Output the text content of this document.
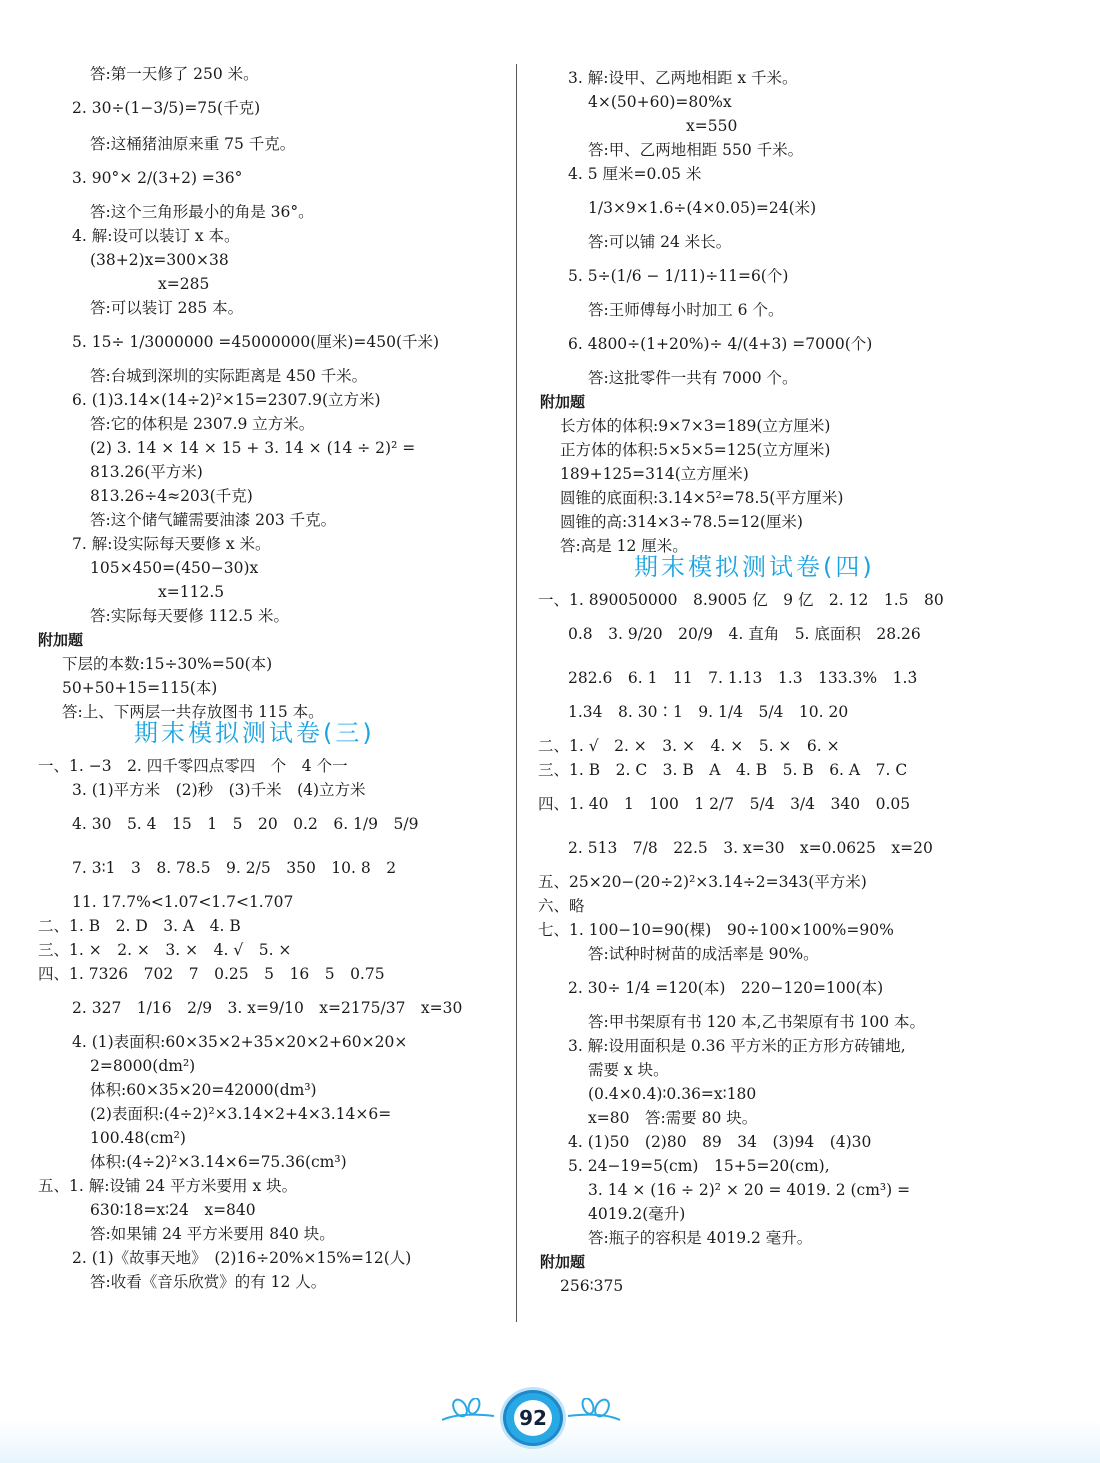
答:第一天修了 250 米。
2. 30÷(1−3/5)=75(千克)
答:这桶猪油原来重 75 千克。
3. 90°× 2/(3+2) =36°
答:这个三角形最小的角是 36°。
4. 解:设可以装订 x 本。
(38+2)x=300×38
x=285
答:可以装订 285 本。
5. 15÷ 1/3000000 =45000000(厘米)=450(千米)
答:台城到深圳的实际距离是 450 千米。
6. (1)3.14×(14÷2)²×15=2307.9(立方米)
答:它的体积是 2307.9 立方米。
(2) 3. 14 × 14 × 15 + 3. 14 × (14 ÷ 2)² =
813.26(平方米)
813.26÷4≈203(千克)
答:这个储气罐需要油漆 203 千克。
7. 解:设实际每天要修 x 米。
105×450=(450−30)x
x=112.5
答:实际每天要修 112.5 米。
附加题
下层的本数:15÷30%=50(本)
50+50+15=115(本)
答:上、下两层一共存放图书 115 本。
期末模拟测试卷(三)
一、1. −3　2. 四千零四点零四　个　4 个一
3. (1)平方米　(2)秒　(3)千米　(4)立方米
4. 30　5. 4　15　1　5　20　0.2　6. 1/9　5/9
7. 3∶1　3　8. 78.5　9. 2/5　350　10. 8　2
11. 17.7%<1.07<1.7<1.707
二、1. B　2. D　3. A　4. B
三、1. ×　2. ×　3. ×　4. √　5. ×
四、1. 7326　702　7　0.25　5　16　5　0.75
2. 327　1/16　2/9　3. x=9/10　x=2175/37　x=30
4. (1)表面积:60×35×2+35×20×2+60×20×
2=8000(dm²)
体积:60×35×20=42000(dm³)
(2)表面积:(4÷2)²×3.14×2+4×3.14×6=
100.48(cm²)
体积:(4÷2)²×3.14×6=75.36(cm³)
五、1. 解:设铺 24 平方米要用 x 块。
630∶18=x∶24　x=840
答:如果铺 24 平方米要用 840 块。
2. (1)《故事天地》　(2)16÷20%×15%=12(人)
答:收看《音乐欣赏》的有 12 人。
3. 解:设甲、乙两地相距 x 千米。
4×(50+60)=80%x
x=550
答:甲、乙两地相距 550 千米。
4. 5 厘米=0.05 米
1/3×9×1.6÷(4×0.05)=24(米)
答:可以铺 24 米长。
5. 5÷(1/6 − 1/11)÷11=6(个)
答:王师傅每小时加工 6 个。
6. 4800÷(1+20%)÷ 4/(4+3) =7000(个)
答:这批零件一共有 7000 个。
附加题
长方体的体积:9×7×3=189(立方厘米)
正方体的体积:5×5×5=125(立方厘米)
189+125=314(立方厘米)
圆锥的底面积:3.14×5²=78.5(平方厘米)
圆锥的高:314×3÷78.5=12(厘米)
答:高是 12 厘米。
期末模拟测试卷(四)
一、1. 890050000　8.9005 亿　9 亿　2. 12　1.5　80
0.8　3. 9/20　20/9　4. 直角　5. 底面积　28.26
282.6　6. 1　11　7. 1.13　1.3　133.3%　1.3̇
1.34　8. 30∶1　9. 1/4　5/4　10. 20
二、1. √　2. ×　3. ×　4. ×　5. ×　6. ×
三、1. B　2. C　3. B　A　4. B　5. B　6. A　7. C
四、1. 40　1　100　1 2/7　5/4　3/4　340　0.05
2. 513　7/8　22.5　3. x=30　x=0.0625　x=20
五、25×20−(20÷2)²×3.14÷2=343(平方米)
六、略
七、1. 100−10=90(棵)　90÷100×100%=90%
答:试种时树苗的成活率是 90%。
2. 30÷ 1/4 =120(本)　220−120=100(本)
答:甲书架原有书 120 本,乙书架原有书 100 本。
3. 解:设用面积是 0.36 平方米的正方形方砖铺地,
需要 x 块。
(0.4×0.4)∶0.36=x∶180
x=80　答:需要 80 块。
4. (1)50　(2)80　89　34　(3)94　(4)30
5. 24−19=5(cm)　15+5=20(cm),
3. 14 × (16 ÷ 2)² × 20 = 4019. 2 (cm³) =
4019.2(毫升)
答:瓶子的容积是 4019.2 毫升。
附加题
256∶375
92
